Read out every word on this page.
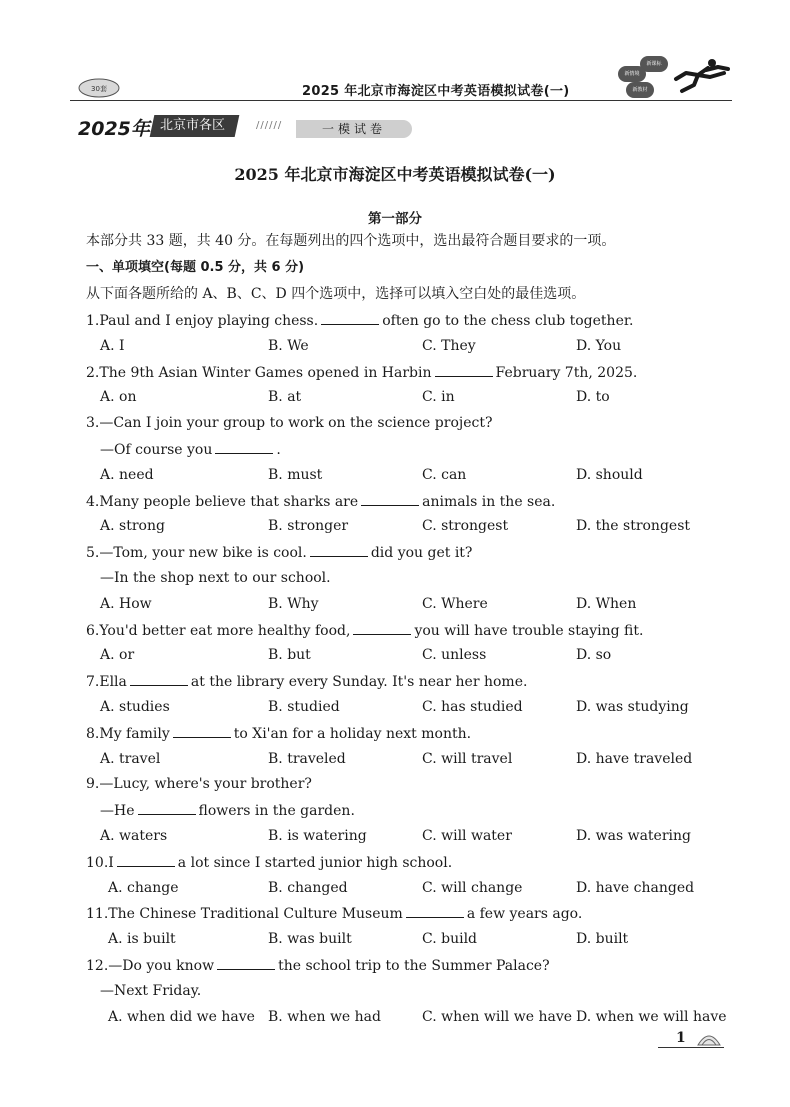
30套	2025 年北京市海淀区中考英语模拟试卷(一)
新课标
新情境
新教材
2025年 北京市各区	//////	一模试卷
2025 年北京市海淀区中考英语模拟试卷(一)
第一部分
本部分共 33 题，共 40 分。在每题列出的四个选项中，选出最符合题目要求的一项。
一、单项填空(每题 0.5 分，共 6 分)
从下面各题所给的 A、B、C、D 四个选项中，选择可以填入空白处的最佳选项。
1.Paul and I enjoy playing chess.	often go to the chess club together.
A. I	B. We	C. They	D. You
2.The 9th Asian Winter Games opened in Harbin	February 7th, 2025.
A. on	B. at	C. in	D. to
3.—Can I join your group to work on the science project?
—Of course you	.
A. need	B. must	C. can	D. should
4.Many people believe that sharks are	animals in the sea.
A. strong	B. stronger	C. strongest	D. the strongest
5.—Tom, your new bike is cool.	did you get it?
—In the shop next to our school.
A. How	B. Why	C. Where	D. When
6.You'd better eat more healthy food,	you will have trouble staying fit.
A. or	B. but	C. unless	D. so
7.Ella	at the library every Sunday. It's near her home.
A. studies	B. studied	C. has studied	D. was studying
8.My family	to Xi'an for a holiday next month.
A. travel	B. traveled	C. will travel	D. have traveled
9.—Lucy, where's your brother?
—He	flowers in the garden.
A. waters	B. is watering	C. will water	D. was watering
10.I	a lot since I started junior high school.
A. change	B. changed	C. will change	D. have changed
11.The Chinese Traditional Culture Museum	a few years ago.
A. is built	B. was built	C. build	D. built
12.—Do you know	the school trip to the Summer Palace?
—Next Friday.
A. when did we have B. when we had	C. when will we have D. when we will have
1
